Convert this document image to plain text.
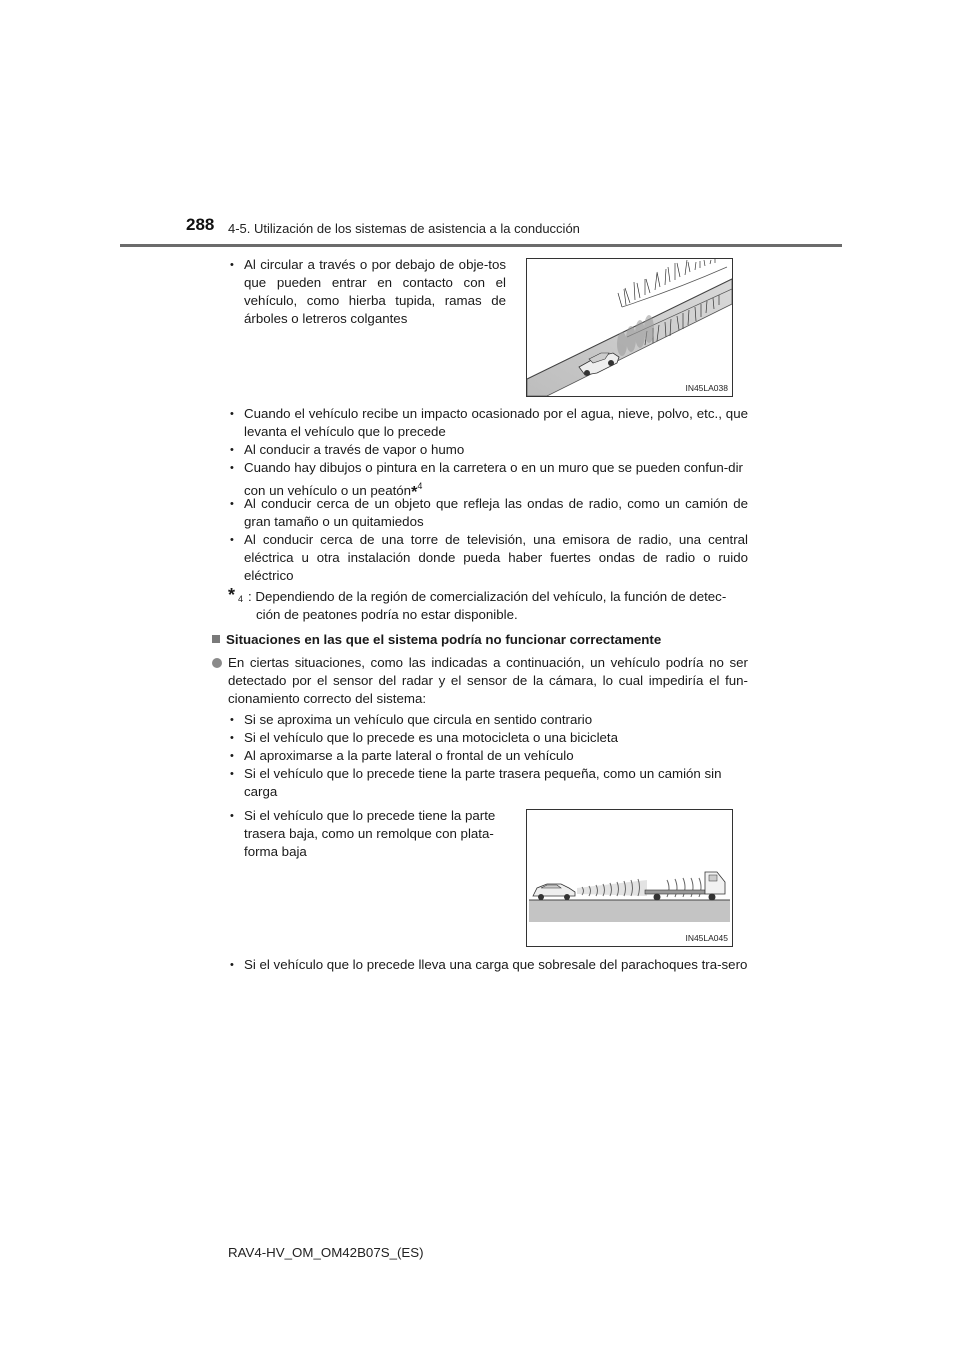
288 4-5. Utilización de los sistemas de asistencia a la conducción
• Al circular a través o por debajo de obje-tos que pueden entrar en contacto con el vehículo, como hierba tupida, ramas de árboles o letreros colgantes
IN45LA038
• Cuando el vehículo recibe un impacto ocasionado por el agua, nieve, polvo, etc., que levanta el vehículo que lo precede
• Al conducir a través de vapor o humo
• Cuando hay dibujos o pintura en la carretera o en un muro que se pueden confun-dir con un vehículo o un peatón*$^4$
• Al conducir cerca de un objeto que refleja las ondas de radio, como un camión de gran tamaño o un quitamiedos
• Al conducir cerca de una torre de televisión, una emisora de radio, una central eléctrica u otra instalación donde pueda haber fuertes ondas de radio o ruido eléctrico
* 4 : Dependiendo de la región de comercialización del vehículo, la función de detec-
ción de peatones podría no estar disponible.
Situaciones en las que el sistema podría no funcionar correctamente
En ciertas situaciones, como las indicadas a continuación, un vehículo podría no ser detectado por el sensor del radar y el sensor de la cámara, lo cual impediría el fun-cionamiento correcto del sistema:
• Si se aproxima un vehículo que circula en sentido contrario
• Si el vehículo que lo precede es una motocicleta o una bicicleta
• Al aproximarse a la parte lateral o frontal de un vehículo
• Si el vehículo que lo precede tiene la parte trasera pequeña, como un camión sin carga
• Si el vehículo que lo precede tiene la parte trasera baja, como un remolque con plata-forma baja
IN45LA045
• Si el vehículo que lo precede lleva una carga que sobresale del parachoques tra-sero
RAV4-HV_OM_OM42B07S_(ES)
